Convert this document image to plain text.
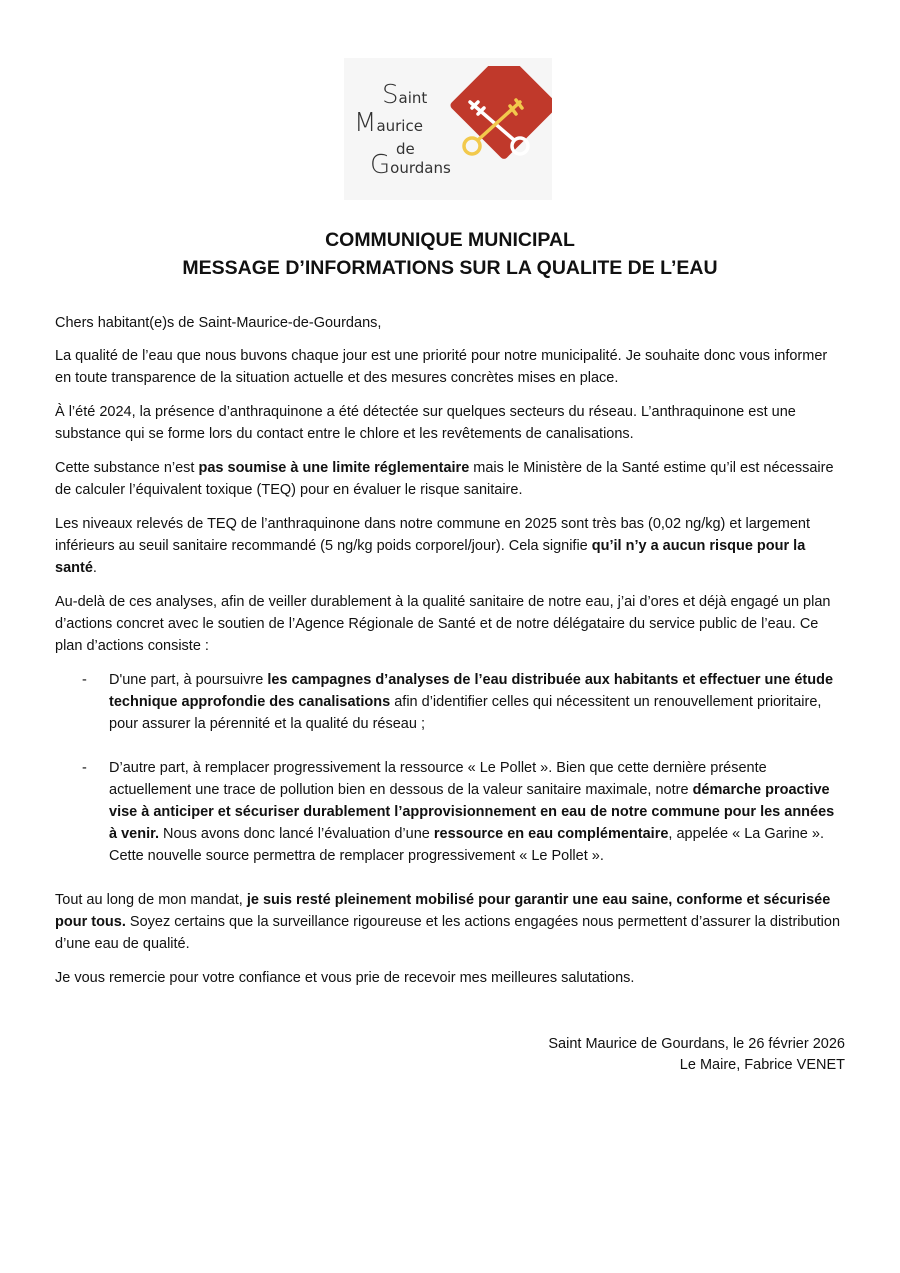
Saint
Maurice
de
Gourdans
COMMUNIQUE MUNICIPAL
MESSAGE D’INFORMATIONS SUR LA QUALITE DE L’EAU

Chers habitant(e)s de Saint-Maurice-de-Gourdans,

La qualité de l’eau que nous buvons chaque jour est une priorité pour notre municipalité. Je souhaite donc vous informer en toute transparence de la situation actuelle et des mesures concrètes mises en place.

À l’été 2024, la présence d’anthraquinone a été détectée sur quelques secteurs du réseau. L’anthraquinone est une substance qui se forme lors du contact entre le chlore et les revêtements de canalisations.

Cette substance n’est pas soumise à une limite réglementaire mais le Ministère de la Santé estime qu’il est nécessaire de calculer l’équivalent toxique (TEQ) pour en évaluer le risque sanitaire.

Les niveaux relevés de TEQ de l’anthraquinone dans notre commune en 2025 sont très bas (0,02 ng/kg) et largement inférieurs au seuil sanitaire recommandé (5 ng/kg poids corporel/jour). Cela signifie qu’il n’y a aucun risque pour la santé.

Au-delà de ces analyses, afin de veiller durablement à la qualité sanitaire de notre eau, j’ai d’ores et déjà engagé un plan d’actions concret avec le soutien de l’Agence Régionale de Santé et de notre délégataire du service public de l’eau. Ce plan d’actions consiste :

- D'une part, à poursuivre les campagnes d’analyses de l’eau distribuée aux habitants et effectuer une étude technique approfondie des canalisations afin d’identifier celles qui nécessitent un renouvellement prioritaire, pour assurer la pérennité et la qualité du réseau ;
- D’autre part, à remplacer progressivement la ressource « Le Pollet ». Bien que cette dernière présente actuellement une trace de pollution bien en dessous de la valeur sanitaire maximale, notre démarche proactive vise à anticiper et sécuriser durablement l’approvisionnement en eau de notre commune pour les années à venir. Nous avons donc lancé l’évaluation d’une ressource en eau complémentaire, appelée « La Garine ». Cette nouvelle source permettra de remplacer progressivement « Le Pollet ».

Tout au long de mon mandat, je suis resté pleinement mobilisé pour garantir une eau saine, conforme et sécurisée pour tous. Soyez certains que la surveillance rigoureuse et les actions engagées nous permettent d’assurer la distribution d’une eau de qualité.

Je vous remercie pour votre confiance et vous prie de recevoir mes meilleures salutations.

Saint Maurice de Gourdans, le 26 février 2026
Le Maire, Fabrice VENET
